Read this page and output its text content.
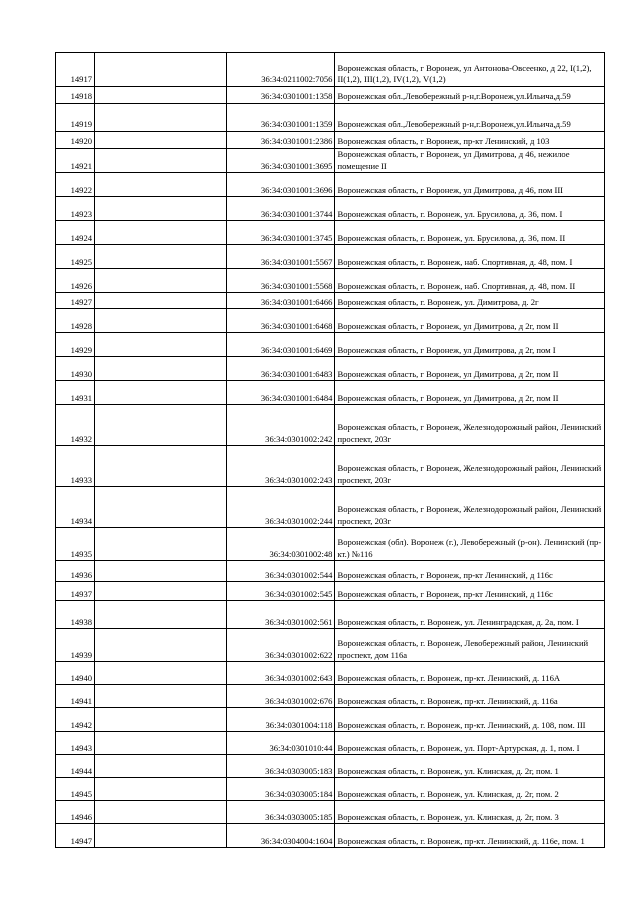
14917		36:34:0211002:7056	Воронежская область, г Воронеж, ул Антонова-Овсеенко, д 22, I(1,2), II(1,2), III(1,2), IV(1,2), V(1,2)
14918		36:34:0301001:1358	Воронежская обл.,Левобережный р-н,г.Воронеж,ул.Ильича,д.59
14919		36:34:0301001:1359	Воронежская обл.,Левобережный р-н,г.Воронеж,ул.Ильича,д.59
14920		36:34:0301001:2386	Воронежская область, г Воронеж, пр-кт Ленинский, д 103
14921		36:34:0301001:3695	Воронежская область, г Воронеж, ул Димитрова, д 46, нежилое помещение II
14922		36:34:0301001:3696	Воронежская область, г Воронеж, ул Димитрова, д 46, пом III
14923		36:34:0301001:3744	Воронежская область, г. Воронеж, ул. Брусилова, д. 36, пом. I
14924		36:34:0301001:3745	Воронежская область, г. Воронеж, ул. Брусилова, д. 36, пом. II
14925		36:34:0301001:5567	Воронежская область, г. Воронеж, наб. Спортивная, д. 48, пом. I
14926		36:34:0301001:5568	Воронежская область, г. Воронеж, наб. Спортивная, д. 48, пом. II
14927		36:34:0301001:6466	Воронежская область, г. Воронеж, ул. Димитрова, д. 2г
14928		36:34:0301001:6468	Воронежская область, г Воронеж, ул Димитрова, д 2г, пом II
14929		36:34:0301001:6469	Воронежская область, г Воронеж, ул Димитрова, д 2г, пом I
14930		36:34:0301001:6483	Воронежская область, г Воронеж, ул Димитрова, д 2г, пом II
14931		36:34:0301001:6484	Воронежская область, г Воронеж, ул Димитрова, д 2г, пом II
14932		36:34:0301002:242	Воронежская область, г Воронеж, Железнодорожный район, Ленинский проспект, 203г
14933		36:34:0301002:243	Воронежская область, г Воронеж, Железнодорожный район, Ленинский проспект, 203г
14934		36:34:0301002:244	Воронежская область, г Воронеж, Железнодорожный район, Ленинский проспект, 203г
14935		36:34:0301002:48	Воронежская (обл). Воронеж (г.), Левобережный (р-он). Ленинский (пр-кт.) №116
14936		36:34:0301002:544	Воронежская область, г Воронеж, пр-кт Ленинский, д 116с
14937		36:34:0301002:545	Воронежская область, г Воронеж, пр-кт Ленинский, д 116с
14938		36:34:0301002:561	Воронежская область, г. Воронеж, ул. Ленинградская, д. 2а, пом. I
14939		36:34:0301002:622	Воронежская область, г. Воронеж, Левобережный район, Ленинский проспект, дом 116а
14940		36:34:0301002:643	Воронежская область, г. Воронеж, пр-кт. Ленинский, д. 116А
14941		36:34:0301002:676	Воронежская область, г. Воронеж, пр-кт. Ленинский, д. 116а
14942		36:34:0301004:118	Воронежская область, г. Воронеж, пр-кт. Ленинский, д. 108, пом. III
14943		36:34:0301010:44	Воронежская область, г. Воронеж, ул. Порт-Артурская, д. 1, пом. I
14944		36:34:0303005:183	Воронежская область, г. Воронеж, ул. Клинская, д. 2г, пом. 1
14945		36:34:0303005:184	Воронежская область, г. Воронеж, ул. Клинская, д. 2г, пом. 2
14946		36:34:0303005:185	Воронежская область, г. Воронеж, ул. Клинская, д. 2г, пом. 3
14947		36:34:0304004:1604	Воронежская область, г. Воронеж, пр-кт. Ленинский, д. 116е, пом. 1
